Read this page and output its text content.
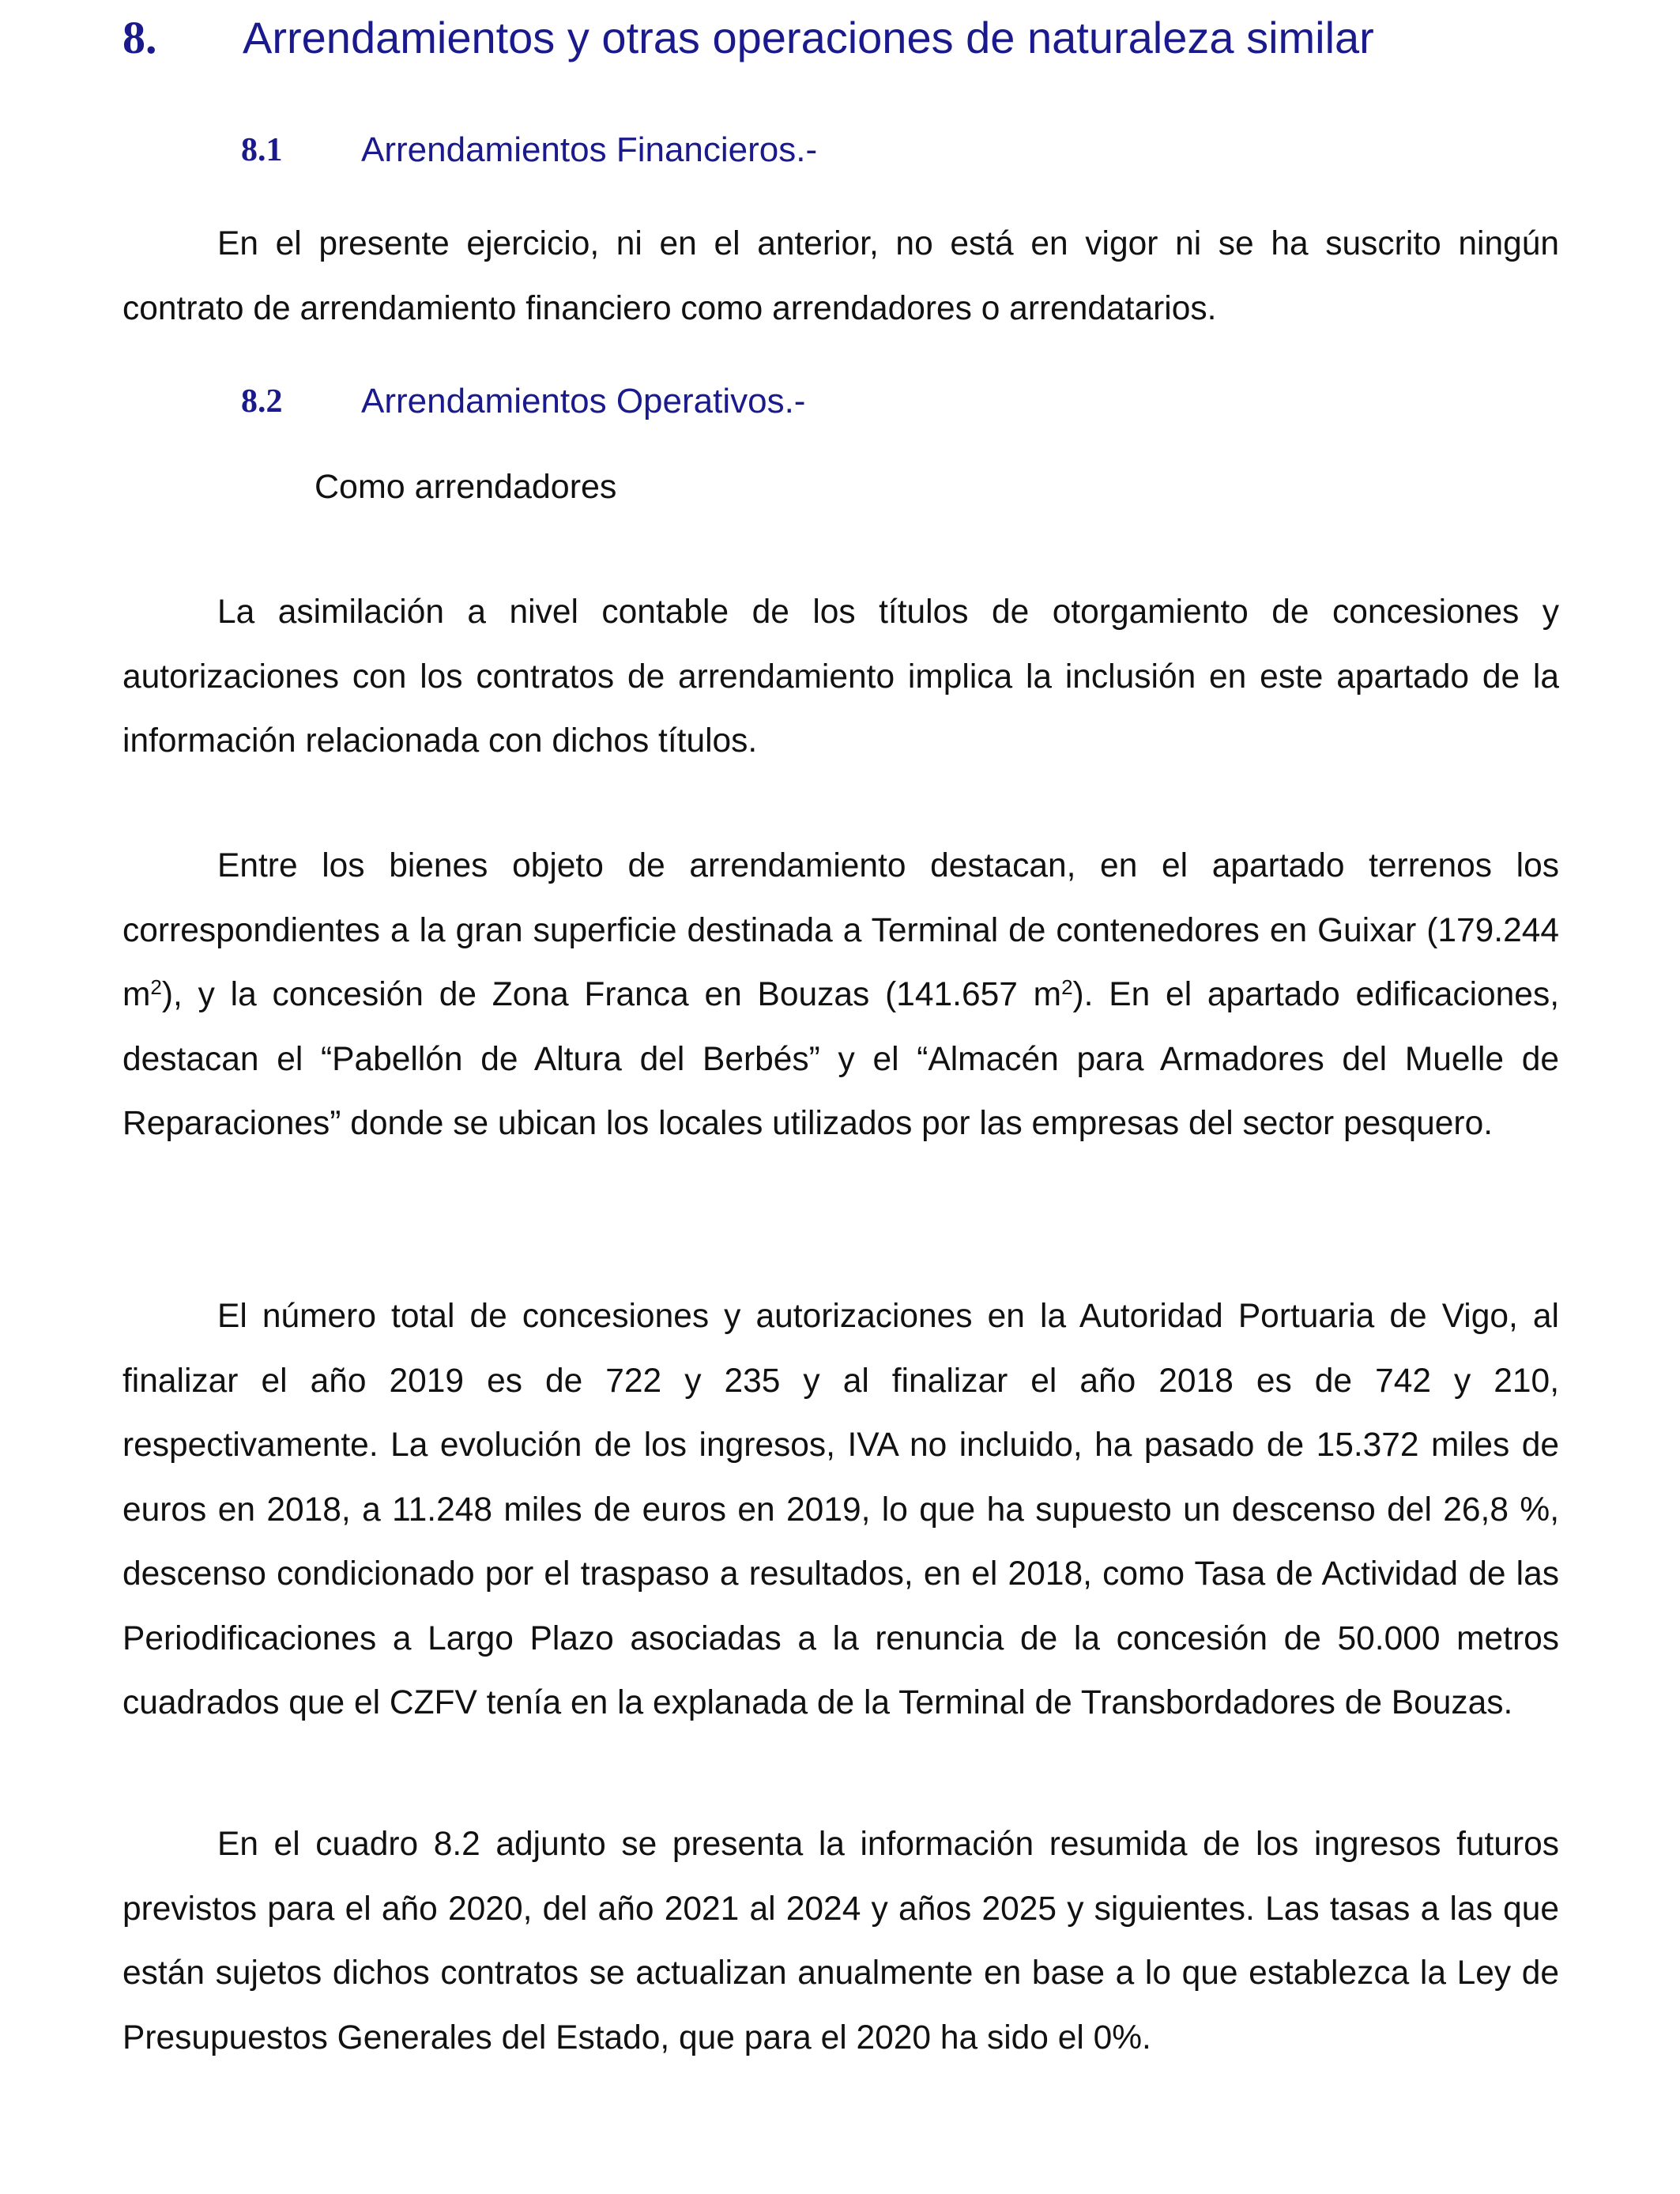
8. Arrendamientos y otras operaciones de naturaleza similar
8.1 Arrendamientos Financieros.-

En el presente ejercicio, ni en el anterior, no está en vigor ni se ha suscrito ningún contrato de arrendamiento financiero como arrendadores o arrendatarios.

8.2 Arrendamientos Operativos.-
Como arrendadores

La asimilación a nivel contable de los títulos de otorgamiento de concesiones y autorizaciones con los contratos de arrendamiento implica la inclusión en este apartado de la información relacionada con dichos títulos.

Entre los bienes objeto de arrendamiento destacan, en el apartado terrenos los correspondientes a la gran superficie destinada a Terminal de contenedores en Guixar (179.244 $m^2$), y la concesión de Zona Franca en Bouzas (141.657 $m^2$). En el apartado edificaciones, destacan el “Pabellón de Altura del Berbés” y el “Almacén para Armadores del Muelle de Reparaciones” donde se ubican los locales utilizados por las empresas del sector pesquero.

El número total de concesiones y autorizaciones en la Autoridad Portuaria de Vigo, al finalizar el año 2019 es de 722 y 235 y al finalizar el año 2018 es de 742 y 210, respectivamente. La evolución de los ingresos, IVA no incluido, ha pasado de 15.372 miles de euros en 2018, a 11.248 miles de euros en 2019, lo que ha supuesto un descenso del 26,8 %, descenso condicionado por el traspaso a resultados, en el 2018, como Tasa de Actividad de las Periodificaciones a Largo Plazo asociadas a la renuncia de la concesión de 50.000 metros cuadrados que el CZFV tenía en la explanada de la Terminal de Transbordadores de Bouzas.

En el cuadro 8.2 adjunto se presenta la información resumida de los ingresos futuros previstos para el año 2020, del año 2021 al 2024 y años 2025 y siguientes. Las tasas a las que están sujetos dichos contratos se actualizan anualmente en base a lo que establezca la Ley de Presupuestos Generales del Estado, que para el 2020 ha sido el 0%.
